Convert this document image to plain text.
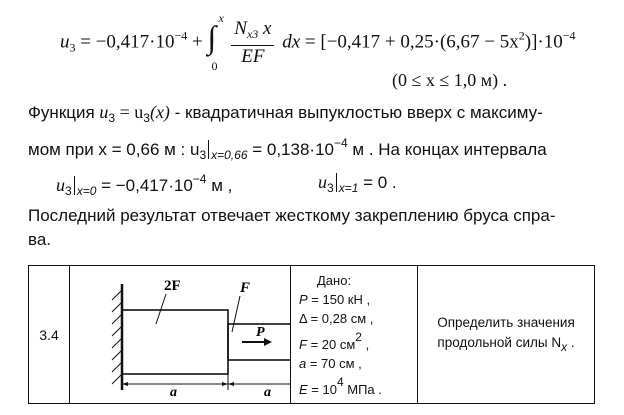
$u_3 = -0,417\cdot 10^{-4}$ + ∫
x
0
$\frac{N_{x3} x}{EF}$ dx = $[-0,417 + 0,25\cdot(6,67 - 5x^2)]\cdot 10^{-4}$
(0 ≤ x ≤ 1,0 м) .
Функция $u_3 = u_3(x)$ - квадратичная выпуклостью вверх с максиму-
мом при x = 0,66 м : $u_3$ $_{x=0,66} = 0,138\cdot 10^{-4}$ м . На концах интервала
$u_3$ $_{x=0} = -0,417\cdot 10^{-4}$ м ,	$u_3$ $_{x=1}$ = 0 .
Последний результат отвечает жесткому закреплению бруса спра-
ва.
3.4	
2F	F
P
a	a

Дано:
P = 150 кН ,
Δ = 0,28 см ,
F = 20 см2 ,
a = 70 см ,
E = 104 МПа .

Определить значения
продольной силы Nx .
